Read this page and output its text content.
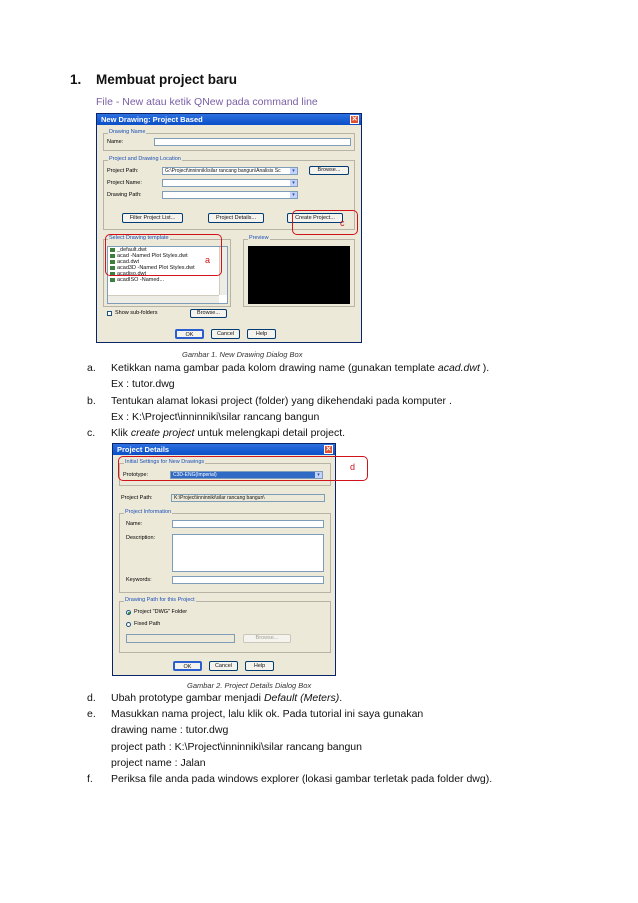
1. Membuat project baru
File - New atau ketik QNew pada command line
New Drawing: Project Based	✕
Drawing Name
Name:
Project and Drawing Location
Project Path:	G:\Project\inninniki\silar rancang bangun\Analisis Sc	▾	Browse...
Project Name:	▾
Drawing Path:	▾
Filter Project List...	Project Details...	Create Project...
Select Drawing template
_default.dwt
acad -Named Plot Styles.dwt
acad.dwt
acad3D -Named Plot Styles.dwt
acadiso.dwt
acadISO -Named...
Preview
Show sub-folders	Browse...
OK	Cancel	Help
a
c
Gambar 1. New Drawing Dialog Box
a. Ketikkan nama gambar pada kolom drawing name (gunakan template acad.dwt ).
Ex : tutor.dwg
b. Tentukan alamat lokasi project (folder) yang dikehendaki pada komputer .
Ex : K:\Project\inninniki\silar rancang bangun
c. Klik create project untuk melengkapi detail project.
Project Details	✕
Initial Settings for New Drawings
Prototype:	C3D-ENG(Imperial)	▾
Project Path:	K:\Project\inninniki\silar rancang bangun\
Project Information
Name:
Description:
Keywords:
Drawing Path for this Project
Project "DWG" Folder
Fixed Path
Browse...
OK	Cancel	Help
d
Gambar 2. Project Details Dialog Box
d. Ubah prototype gambar menjadi Default (Meters).
e. Masukkan nama project, lalu klik ok. Pada tutorial ini saya gunakan
drawing name : tutor.dwg
project path : K:\Project\inninniki\silar rancang bangun
project name : Jalan
f. Periksa file anda pada windows explorer (lokasi gambar terletak pada folder dwg).
